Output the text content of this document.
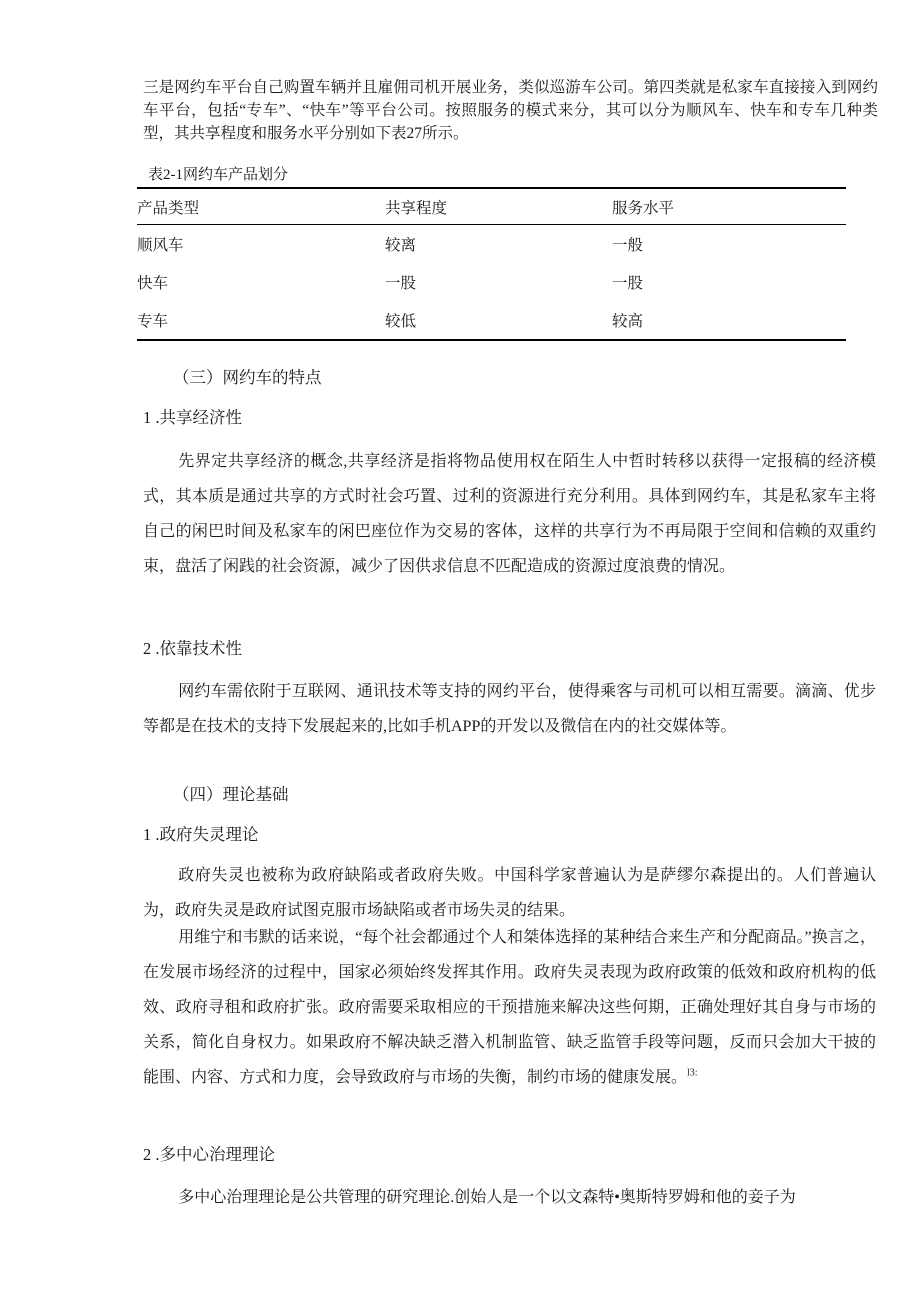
三是网约车平台自己购置车辆并且雇佣司机开展业务，类似巡游车公司。第四类就是私家车直接接入到网约车平台，包括“专车”、“快车”等平台公司。按照服务的模式来分，其可以分为顺风车、快车和专车几种类型，其共享程度和服务水平分别如下表27所示。

表2-1网约车产品划分
产品类型	共享程度	服务水平
顺风车	较离	一般
快车	一股	一股
专车	较低	较高
（三）网约车的特点
1 .共享经济性

先界定共享经济的概念,共享经济是指将物品使用权在陌生人中哲时转移以获得一定报稿的经济模式，其本质是通过共享的方式时社会巧置、过利的资源进行充分利用。具体到网约车，其是私家车主将自己的闲巴时间及私家车的闲巴座位作为交易的客体，这样的共享行为不再局限于空间和信赖的双重约束，盘活了闲践的社会资源，减少了因供求信息不匹配造成的资源过度浪费的情况。

2 .依靠技术性

网约车需依附于互联网、通讯技术等支持的网约平台，使得乘客与司机可以相互需要。滴滴、优步等都是在技术的支持下发展起来的,比如手机APP的开发以及微信在内的社交媒体等。

（四）理论基础
1 .政府失灵理论

政府失灵也被称为政府缺陷或者政府失败。中国科学家普遍认为是萨缪尔森提出的。人们普遍认为，政府失灵是政府试图克服市场缺陷或者市场失灵的结果。

用维宁和韦默的话来说，“每个社会都通过个人和桀体选择的某种结合来生产和分配商品。”换言之，在发展市场经济的过程中，国家必须始终发挥其作用。政府失灵表现为政府政策的低效和政府机构的低效、政府寻租和政府扩张。政府需要采取相应的干预措施来解决这些何期，正确处理好其自身与市场的关系，简化自身权力。如果政府不解决缺乏潜入机制监管、缺乏监管手段等问题，反而只会加大干披的能围、内容、方式和力度，会导致政府与市场的失衡，制约市场的健康发展。$^{l3:}$

2 .多中心治理理论

多中心治理理论是公共管理的研究理论.创始人是一个以文森特•奥斯特罗姆和他的妾子为
